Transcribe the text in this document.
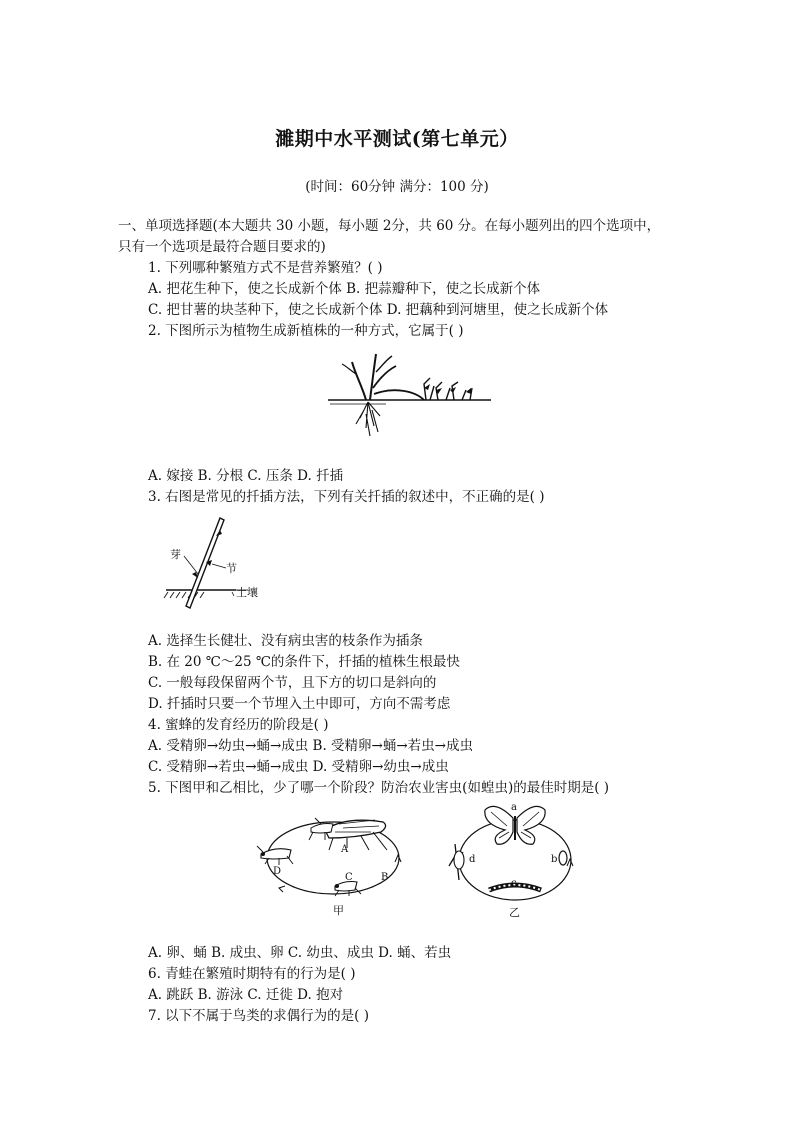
濉期中水平测试(第七单元）
(时间：60分钟 满分：100 分)
一、单项选择题(本大题共 30 小题，每小题 2分，共 60 分。在每小题列出的四个选项中，
只有一个选项是最符合题目要求的)
1. 下列哪种繁殖方式不是营养繁殖？( )
A. 把花生种下，使之长成新个体 B. 把蒜瓣种下，使之长成新个体
C. 把甘薯的块茎种下，使之长成新个体 D. 把藕种到河塘里，使之长成新个体
2. 下图所示为植物生成新植株的一种方式，它属于( )
A. 嫁接 B. 分根 C. 压条 D. 扦插
3. 右图是常见的扦插方法，下列有关扦插的叙述中，不正确的是( )
芽
节
土壤
A. 选择生长健壮、没有病虫害的枝条作为插条
B. 在 20 ℃～25 ℃的条件下，扦插的植株生根最快
C. 一般每段保留两个节，且下方的切口是斜向的
D. 扦插时只要一个节埋入土中即可，方向不需考虑
4. 蜜蜂的发育经历的阶段是( )
A. 受精卵→幼虫→蛹→成虫 B. 受精卵→蛹→若虫→成虫
C. 受精卵→若虫→蛹→成虫 D. 受精卵→幼虫→成虫
5. 下图甲和乙相比，少了哪一个阶段？防治农业害虫(如蝗虫)的最佳时期是( )
A
B
C
D
甲
a
b
c
d
乙
A. 卵、蛹 B. 成虫、卵 C. 幼虫、成虫 D. 蛹、若虫
6. 青蛙在繁殖时期特有的行为是( )
A. 跳跃 B. 游泳 C. 迁徙 D. 抱对
7. 以下不属于鸟类的求偶行为的是( )
